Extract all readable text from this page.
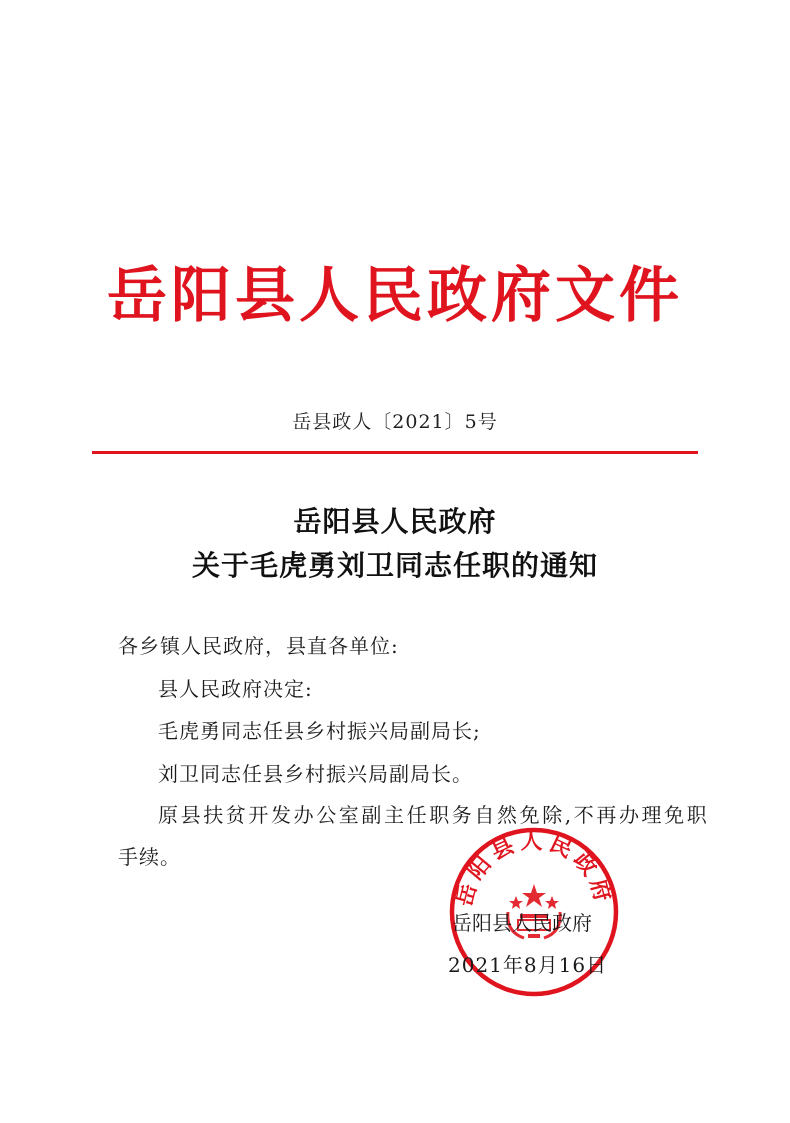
岳阳县人民政府文件
岳县政人〔2021〕5号
岳阳县人民政府
关于毛虎勇刘卫同志任职的通知
各乡镇人民政府，县直各单位:
县人民政府决定:
毛虎勇同志任县乡村振兴局副局长;
刘卫同志任县乡村振兴局副局长。
原县扶贫开发办公室副主任职务自然免除,不再办理免职
手续。
岳阳县人民政府
岳阳县人民政府
2021年8月16日
